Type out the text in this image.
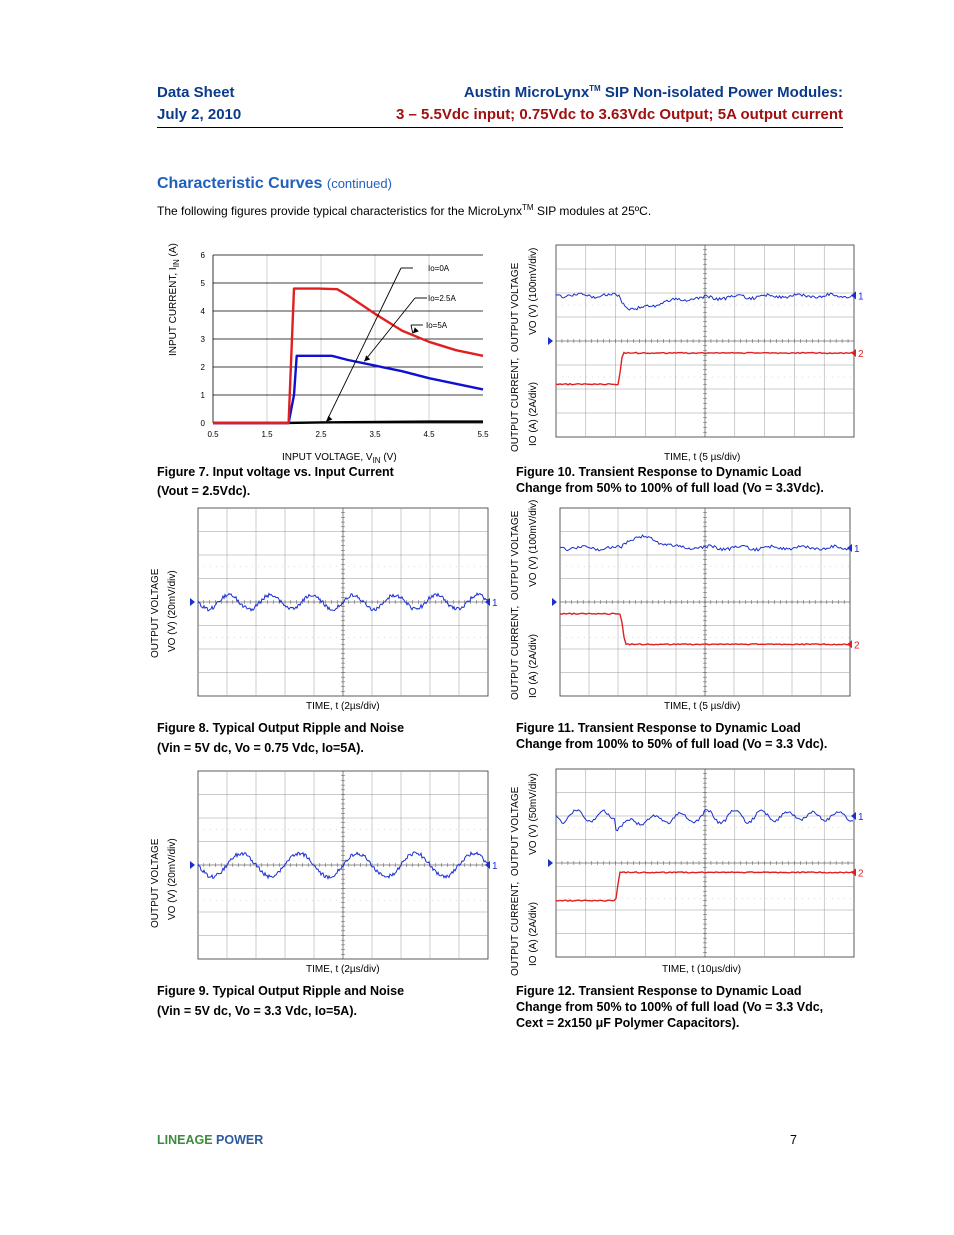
Data Sheet
July 2, 2010
Austin MicroLynx™ SIP Non-isolated Power Modules:
3 – 5.5Vdc input; 0.75Vdc to 3.63Vdc Output; 5A output current
Characteristic Curves (continued)
The following figures provide typical characteristics for the MicroLynx™ SIP modules at 25ºC.
0.5	1.5	2.5	3.5	4.5	5.5
0
1
2
3
4
5
6
Io=0A
Io=2.5A
Io=5A
INPUT CURRENT, $I_{IN}$ (A)
INPUT VOLTAGE, $V_{IN}$ (V)
Figure 7. Input voltage vs. Input Current
(Vout = 2.5Vdc).
1
2
OUTPUT CURRENT,  OUTPUT VOLTAGE
IO (A) (2A/div)                 VO (V) (100mV/div)
TIME, t (5 µs/div)
Figure 10. Transient Response to Dynamic Load
Change from 50% to 100% of full load (Vo = 3.3Vdc).
1
OUTPUT VOLTAGE VO (V) (20mV/div)
TIME, t (2µs/div)
Figure 8. Typical Output Ripple and Noise
(Vin = 5V dc, Vo = 0.75 Vdc, Io=5A).
1
2
OUTPUT CURRENT,  OUTPUT VOLTAGE
IO (A) (2A/div)                 VO (V) (100mV/div)
TIME, t (5 µs/div)
Figure 11. Transient Response to Dynamic Load
Change from 100% to 50% of full load (Vo = 3.3 Vdc).
1
OUTPUT VOLTAGE VO (V) (20mV/div)
TIME, t (2µs/div)
Figure 9. Typical Output Ripple and Noise
(Vin = 5V dc, Vo = 3.3 Vdc, Io=5A).
1
2
OUTPUT CURRENT,  OUTPUT VOLTAGE
IO (A) (2A/div)                 VO (V) (50mV/div)
TIME, t (10µs/div)
Figure 12. Transient Response to Dynamic Load
Change from 50% to 100% of full load (Vo = 3.3 Vdc,
Cext = 2x150 μF Polymer Capacitors).
LINEAGE POWER	7
